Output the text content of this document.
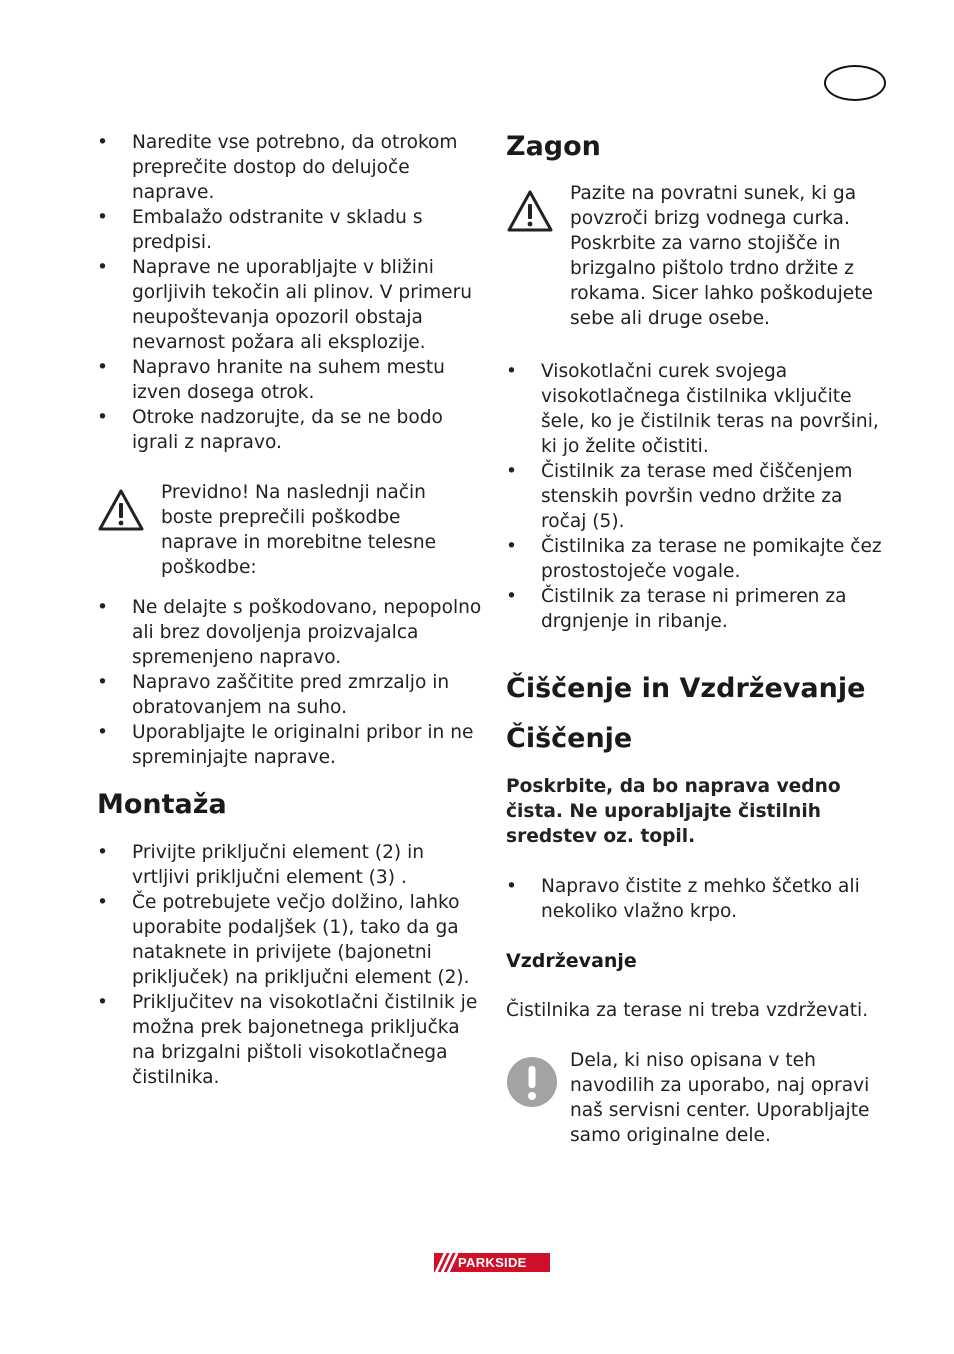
• Naredite vse potrebno, da otrokom preprečite dostop do delujoče naprave.
• Embalažo odstranite v skladu s predpisi.
• Naprave ne uporabljajte v bližini gorljivih tekočin ali plinov. V primeru neupoštevanja opozoril obstaja nevarnost požara ali eksplozije.
• Napravo hranite na suhem mestu izven dosega otrok.
• Otroke nadzorujte, da se ne bodo igrali z napravo.

Previdno! Na naslednji način boste preprečili poškodbe naprave in morebitne telesne poškodbe:

• Ne delajte s poškodovano, nepopolno ali brez dovoljenja proizvajalca spremenjeno napravo.
• Napravo zaščitite pred zmrzaljo in obratovanjem na suho.
• Uporabljajte le originalni pribor in ne spreminjajte naprave.
Montaža
• Privijte priključni element (2) in vrtljivi priključni element (3) .
• Če potrebujete večjo dolžino, lahko uporabite podaljšek (1), tako da ga nataknete in privijete (bajonetni priključek) na priključni element (2).
• Priključitev na visokotlačni čistilnik je možna prek bajonetnega priključka na brizgalni pištoli visokotlačnega čistilnika.
Zagon

Pazite na povratni sunek, ki ga povzroči brizg vodnega curka. Poskrbite za varno stojišče in brizgalno pištolo trdno držite z rokama. Sicer lahko poškodujete sebe ali druge osebe.

• Visokotlačni curek svojega visokotlačnega čistilnika vključite šele, ko je čistilnik teras na površini, ki jo želite očistiti.
• Čistilnik za terase med čiščenjem stenskih površin vedno držite za ročaj (5).
• Čistilnika za terase ne pomikajte čez prostostoječe vogale.
• Čistilnik za terase ni primeren za drgnjenje in ribanje.
Čiščenje in Vzdrževanje
Čiščenje

Poskrbite, da bo naprava vedno čista. Ne uporabljajte čistilnih sredstev oz. topil.

• Napravo čistite z mehko ščetko ali nekoliko vlažno krpo.
Vzdrževanje

Čistilnika za terase ni treba vzdrževati.

Dela, ki niso opisana v teh navodilih za uporabo, naj opravi naš servisni center. Uporabljajte samo originalne dele.

PARKSIDE
